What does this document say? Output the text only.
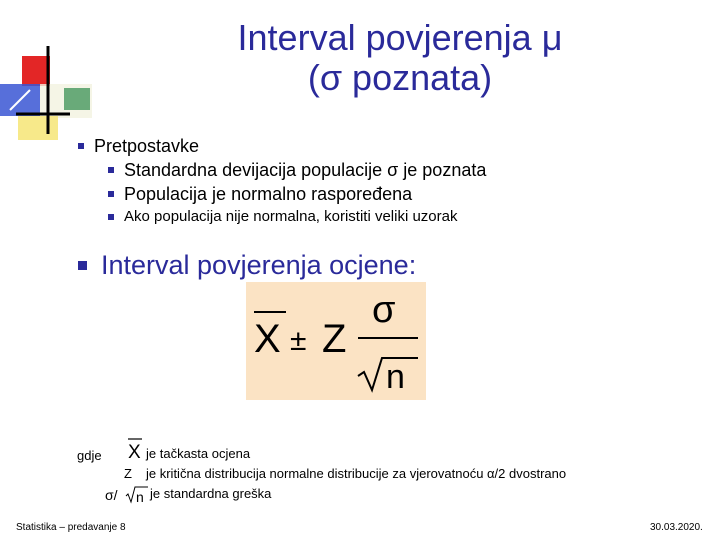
Interval povjerenja μ
(σ poznata)
Pretpostavke
Standardna devijacija populacije σ je poznata
Populacija je normalno raspoređena
Ako populacija nije normalna, koristiti veliki uzorak
Interval povjerenja ocjene:
X ± Z
σ
n
gdje X je tačkasta ocjena
Z je kritična distribucija normalne distribucije za vjerovatnoću α/2 dvostrano
σ/ n je standardna greška
Statistika – predavanje 8	30.03.2020.
